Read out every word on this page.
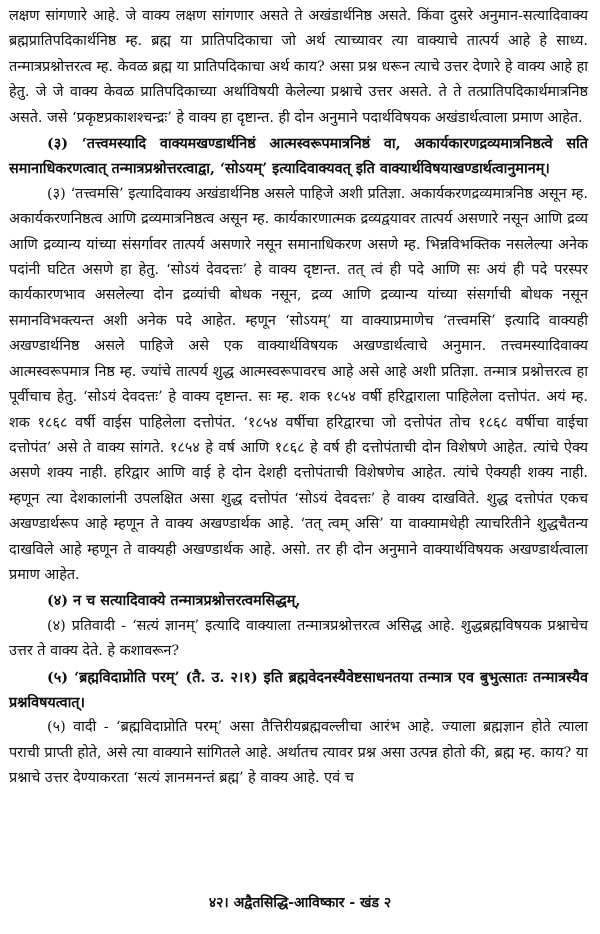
लक्षण सांगणारे आहे. जे वाक्य लक्षण सांगणार असते ते अखंडार्थनिष्ठ असते. किंवा दुसरे अनुमान-सत्यादिवाक्य ब्रह्मप्रातिपदिकार्थनिष्ठ म्ह. ब्रह्म या प्रातिपदिकाचा जो अर्थ त्याच्यावर त्या वाक्याचे तात्पर्य आहे हे साध्य. तन्मात्रप्रश्नोत्तरत्व म्ह. केवळ ब्रह्म या प्रातिपदिकाचा अर्थ काय? असा प्रश्न धरून त्याचे उत्तर देणारे हे वाक्य आहे हा हेतु. जे जे वाक्य केवळ प्रातिपदिकाच्या अर्थाविषयी केलेल्या प्रश्नाचे उत्तर असते. ते ते तत्प्रातिपदिकार्थमात्रनिष्ठ असते. जसे ‘प्रकृष्टप्रकाशश्चन्द्रः’ हे वाक्य हा दृष्टान्त. ही दोन अनुमाने पदार्थविषयक अखंडार्थत्वाला प्रमाण आहेत.

(३) ‘तत्त्वमस्यादि वाक्यमखण्डार्थनिष्ठं आत्मस्वरूपमात्रनिष्ठं वा, अकार्यकारणद्रव्यमात्रनिष्ठत्वे सति समानाधिकरणत्वात् तन्मात्रप्रश्नोत्तरत्वाद्वा, ‘सोऽयम्’ इत्यादिवाक्यवत् इति वाक्यार्थविषयाखण्डार्थत्वानुमानम्।

(३) ‘तत्त्वमसि’ इत्यादिवाक्य अखंडार्थनिष्ठ असले पाहिजे अशी प्रतिज्ञा. अकार्यकरणद्रव्यमात्रनिष्ठ असून म्ह. अकार्यकरणनिष्ठत्व आणि द्रव्यमात्रनिष्ठत्व असून म्ह. कार्यकारणात्मक द्रव्यद्वयावर तात्पर्य असणारे नसून आणि द्रव्य आणि द्रव्यान्य यांच्या संसर्गावर तात्पर्य असणारे नसून समानाधिकरण असणे म्ह. भिन्नविभक्तिक नसलेल्या अनेक पदांनी घटित असणे हा हेतु. ‘सोऽयं देवदत्तः’ हे वाक्य दृष्टान्त. तत् त्वं ही पदे आणि सः अयं ही पदे परस्पर कार्यकारणभाव असलेल्या दोन द्रव्यांची बोधक नसून, द्रव्य आणि द्रव्यान्य यांच्या संसर्गाची बोधक नसून समानविभक्त्यन्त अशी अनेक पदे आहेत. म्हणून ‘सोऽयम्’ या वाक्याप्रमाणेच ‘तत्त्वमसि’ इत्यादि वाक्यही अखण्डार्थनिष्ठ असले पाहिजे असे एक वाक्यार्थविषयक अखण्डार्थत्वाचे अनुमान. तत्त्वमस्यादिवाक्य आत्मस्वरूपमात्र निष्ठ म्ह. ज्यांचे तात्पर्य शुद्ध आत्मस्वरूपावरच आहे असे आहे अशी प्रतिज्ञा. तन्मात्र प्रश्नोत्तरत्व हा पूर्वीचाच हेतु. ‘सोऽयं देवदत्तः’ हे वाक्य दृष्टान्त. सः म्ह. शक १८५४ वर्षी हरिद्वाराला पाहिलेला दत्तोपंत. अयं म्ह. शक १८६८ वर्षी वाईस पाहिलेला दत्तोपंत. ‘१८५४ वर्षीचा हरिद्वारचा जो दत्तोपंत तोच १८६८ वर्षीचा वाईचा दत्तोपंत’ असे ते वाक्य सांगते. १८५४ हे वर्ष आणि १८६८ हे वर्ष ही दत्तोपंताची दोन विशेषणे आहेत. त्यांचे ऐक्य असणे शक्य नाही. हरिद्वार आणि वाई हे दोन देशही दत्तोपंताची विशेषणेच आहेत. त्यांचे ऐक्यही शक्य नाही. म्हणून त्या देशकालांनी उपलक्षित असा शुद्ध दत्तोपंत ‘सोऽयं देवदत्तः’ हे वाक्य दाखविते. शुद्ध दत्तोपंत एकच अखण्डार्थरूप आहे म्हणून ते वाक्य अखण्डार्थक आहे. ‘तत् त्वम् असि’ या वाक्यामधेही त्याचरितीने शुद्धचैतन्य दाखविले आहे म्हणून ते वाक्यही अखण्डार्थक आहे. असो. तर ही दोन अनुमाने वाक्यार्थविषयक अखण्डार्थत्वाला प्रमाण आहेत.

(४) न च सत्यादिवाक्ये तन्मात्रप्रश्नोत्तरत्वमसिद्धम्,

(४) प्रतिवादी - ‘सत्यं ज्ञानम्’ इत्यादि वाक्याला तन्मात्रप्रश्नोत्तरत्व असिद्ध आहे. शुद्धब्रह्मविषयक प्रश्नाचेच उत्तर ते वाक्य देते. हे कशावरून?

(५) ‘ब्रह्मविदाप्नोति परम्’ (तै. उ. २।१) इति ब्रह्मवेदनस्यैवेष्टसाधनतया तन्मात्र एव बुभुत्सातः तन्मात्रस्यैव प्रश्नविषयत्वात्।

(५) वादी - ‘ब्रह्मविदाप्नोति परम्’ असा तैत्तिरीयब्रह्मवल्लीचा आरंभ आहे. ज्याला ब्रह्मज्ञान होते त्याला पराची प्राप्ती होते, असे त्या वाक्याने सांगितले आहे. अर्थातच त्यावर प्रश्न असा उत्पन्न होतो की, ब्रह्म म्ह. काय? या प्रश्नाचे उत्तर देण्याकरता ‘सत्यं ज्ञानमनन्तं ब्रह्म’ हे वाक्य आहे. एवं च

४२। अद्वैतसिद्धि-आविष्कार - खंड २
